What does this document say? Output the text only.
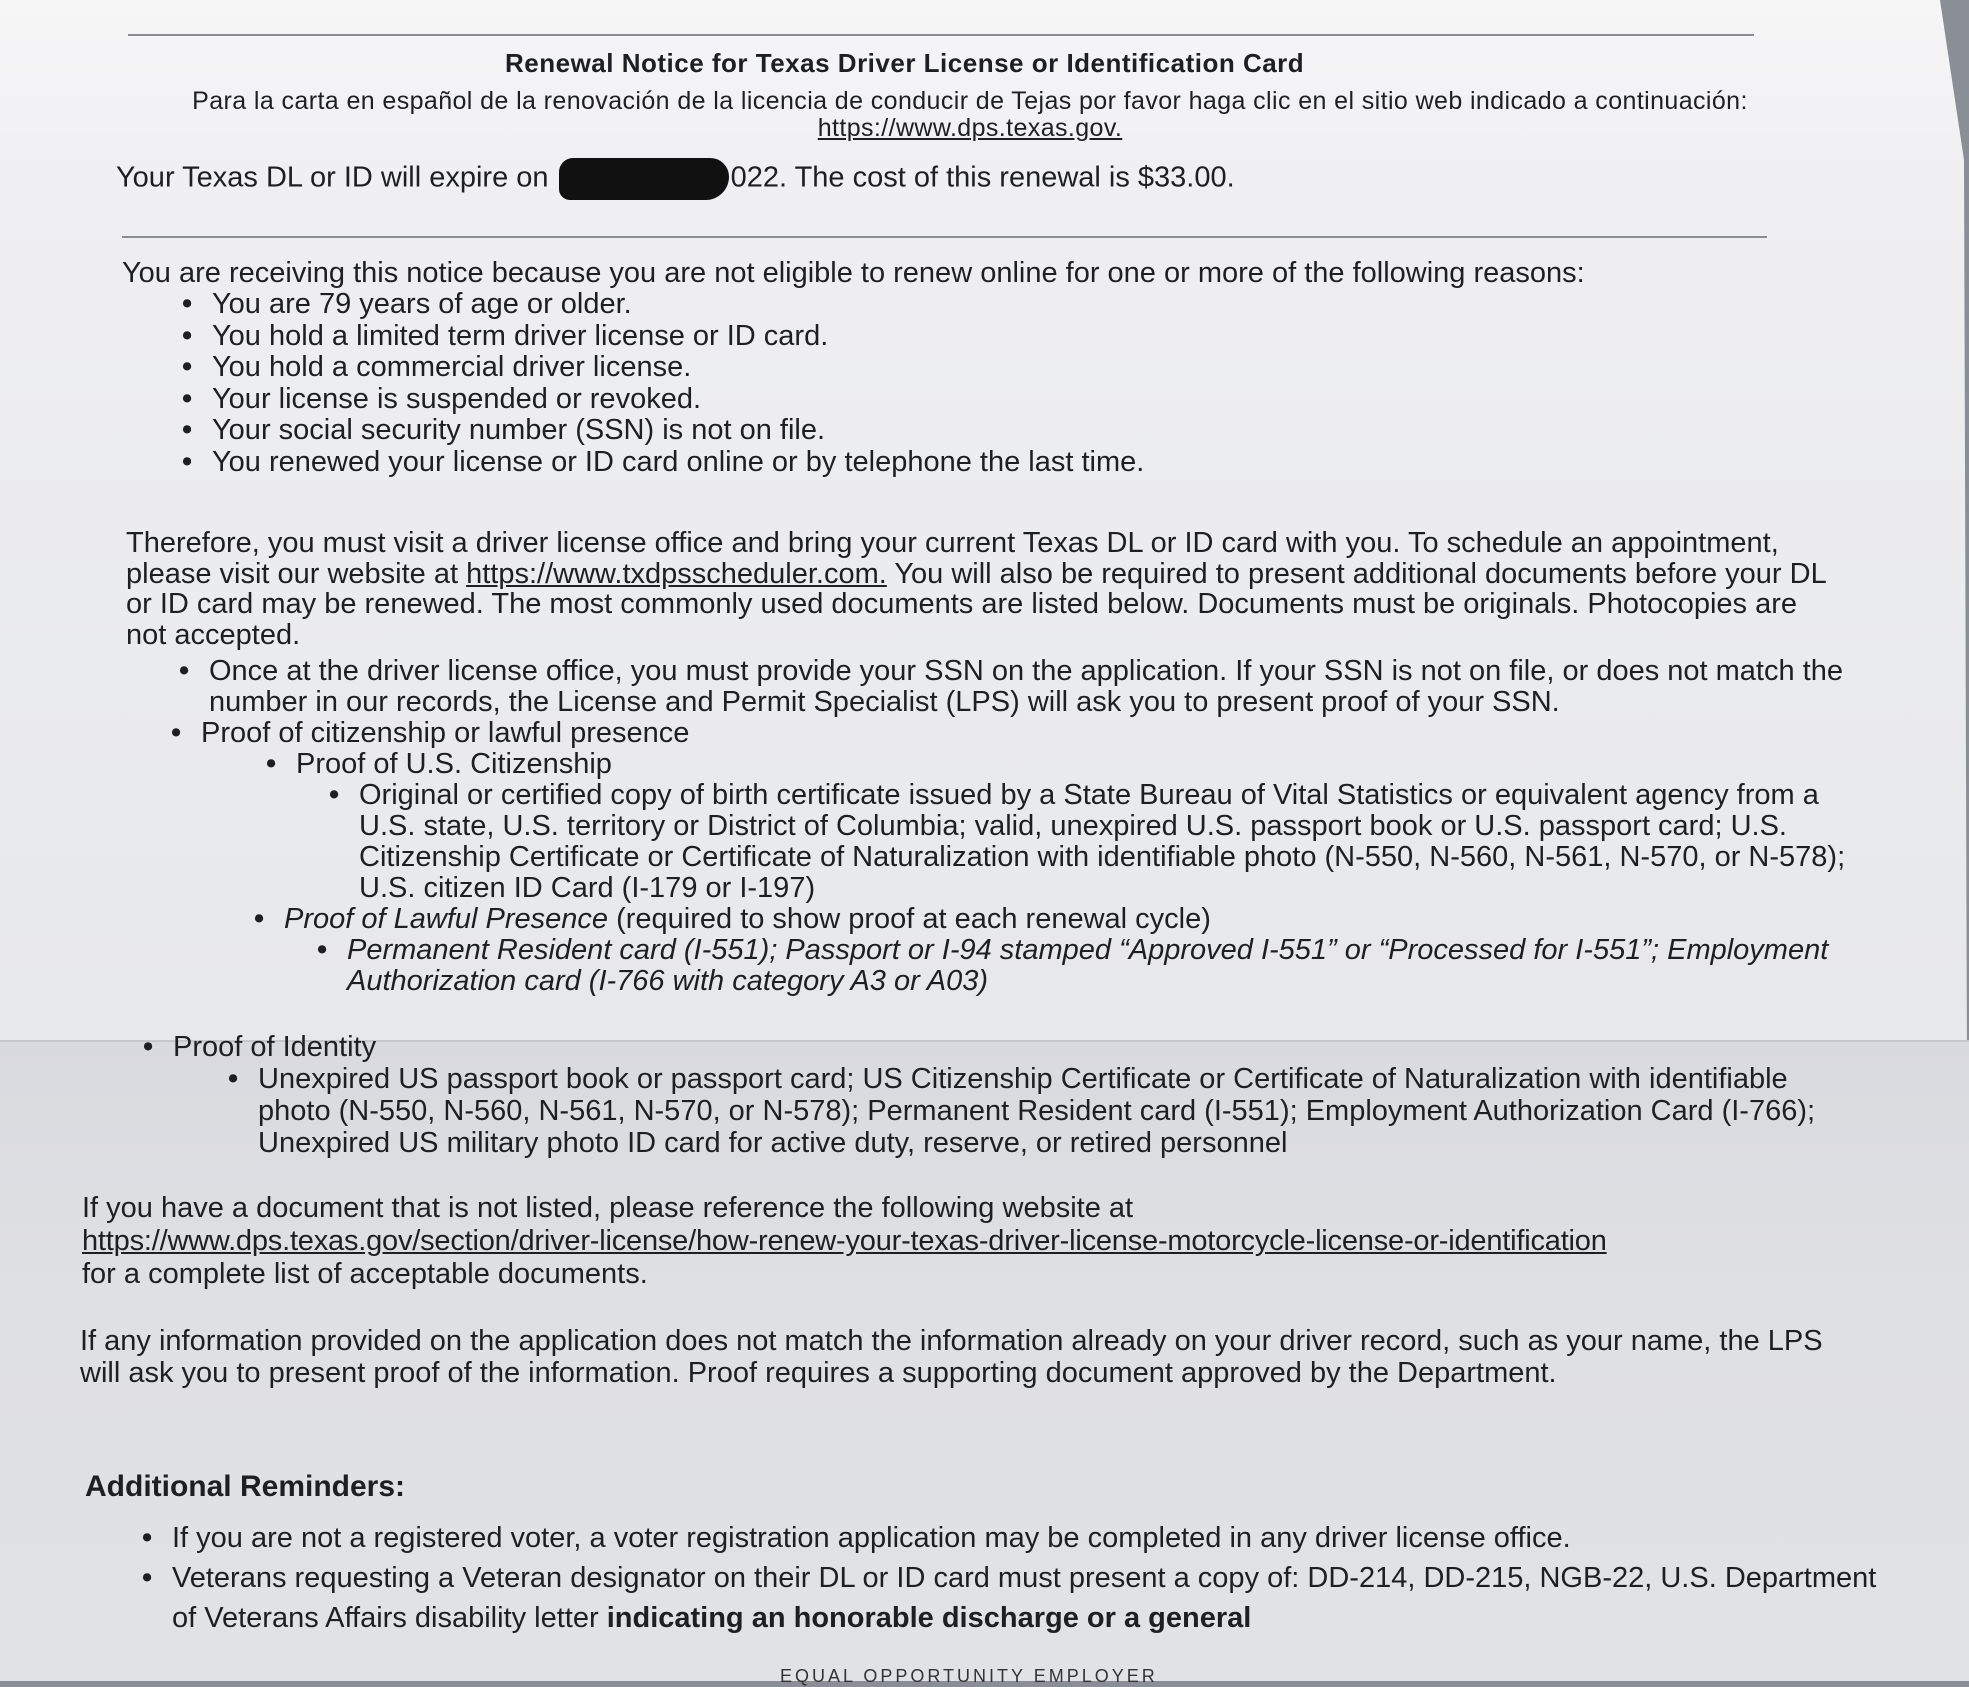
Renewal Notice for Texas Driver License or Identification Card
Para la carta en español de la renovación de la licencia de conducir de Tejas por favor haga clic en el sitio web indicado a continuación: https://www.dps.texas.gov.
Your Texas DL or ID will expire on	022. The cost of this renewal is $33.00.
You are receiving this notice because you are not eligible to renew online for one or more of the following reasons:
• You are 79 years of age or older.
• You hold a limited term driver license or ID card.
• You hold a commercial driver license.
• Your license is suspended or revoked.
• Your social security number (SSN) is not on file.
• You renewed your license or ID card online or by telephone the last time.
Therefore, you must visit a driver license office and bring your current Texas DL or ID card with you. To schedule an appointment, please visit our website at https://www.txdpsscheduler.com. You will also be required to present additional documents before your DL or ID card may be renewed. The most commonly used documents are listed below. Documents must be originals. Photocopies are not accepted.
• Once at the driver license office, you must provide your SSN on the application. If your SSN is not on file, or does not match the number in our records, the License and Permit Specialist (LPS) will ask you to present proof of your SSN.
• Proof of citizenship or lawful presence
• Proof of U.S. Citizenship
• Original or certified copy of birth certificate issued by a State Bureau of Vital Statistics or equivalent agency from a U.S. state, U.S. territory or District of Columbia; valid, unexpired U.S. passport book or U.S. passport card; U.S. Citizenship Certificate or Certificate of Naturalization with identifiable photo (N-550, N-560, N-561, N-570, or N-578); U.S. citizen ID Card (I-179 or I-197)
• Proof of Lawful Presence (required to show proof at each renewal cycle)
• Permanent Resident card (I-551); Passport or I-94 stamped “Approved I-551” or “Processed for I-551”; Employment Authorization card (I-766 with category A3 or A03)
• Proof of Identity
• Unexpired US passport book or passport card; US Citizenship Certificate or Certificate of Naturalization with identifiable photo (N-550, N-560, N-561, N-570, or N-578); Permanent Resident card (I-551); Employment Authorization Card (I-766); Unexpired US military photo ID card for active duty, reserve, or retired personnel
If you have a document that is not listed, please reference the following website at
https://www.dps.texas.gov/section/driver-license/how-renew-your-texas-driver-license-motorcycle-license-or-identification
for a complete list of acceptable documents.
If any information provided on the application does not match the information already on your driver record, such as your name, the LPS will ask you to present proof of the information. Proof requires a supporting document approved by the Department.
Additional Reminders:
• If you are not a registered voter, a voter registration application may be completed in any driver license office.
• Veterans requesting a Veteran designator on their DL or ID card must present a copy of: DD-214, DD-215, NGB-22, U.S. Department of Veterans Affairs disability letter indicating an honorable discharge or a general
EQUAL OPPORTUNITY EMPLOYER
